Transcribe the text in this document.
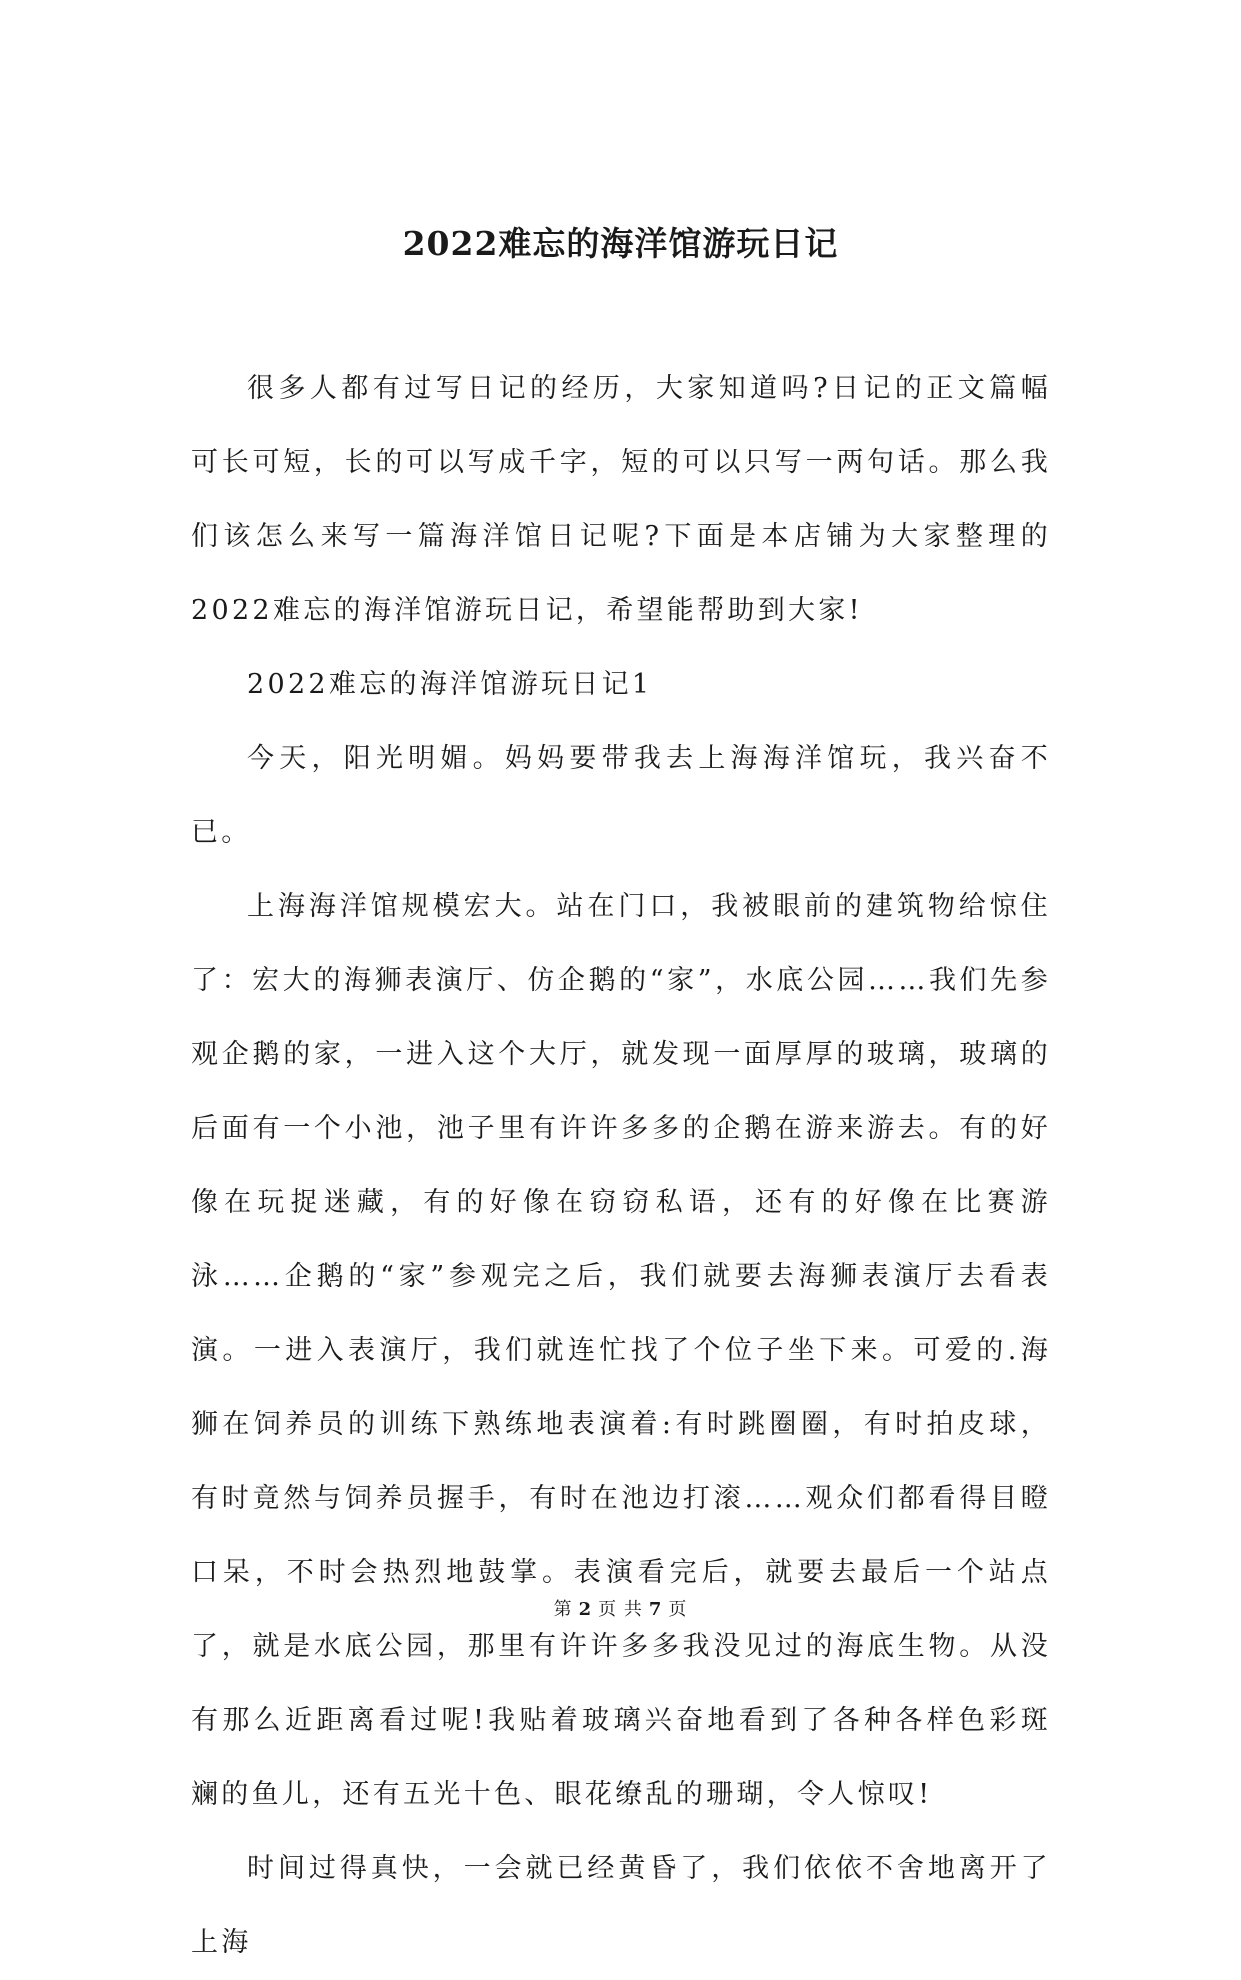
2022难忘的海洋馆游玩日记

很多人都有过写日记的经历，大家知道吗?日记的正文篇幅可长可短，长的可以写成千字，短的可以只写一两句话。那么我们该怎么来写一篇海洋馆日记呢?下面是本店铺为大家整理的2022难忘的海洋馆游玩日记，希望能帮助到大家!

2022难忘的海洋馆游玩日记1

今天，阳光明媚。妈妈要带我去上海海洋馆玩，我兴奋不已。

上海海洋馆规模宏大。站在门口，我被眼前的建筑物给惊住了：宏大的海狮表演厅、仿企鹅的“家”，水底公园……我们先参观企鹅的家，一进入这个大厅，就发现一面厚厚的玻璃，玻璃的后面有一个小池，池子里有许许多多的企鹅在游来游去。有的好像在玩捉迷藏，有的好像在窃窃私语，还有的好像在比赛游泳……企鹅的“家”参观完之后，我们就要去海狮表演厅去看表演。一进入表演厅，我们就连忙找了个位子坐下来。可爱的.海狮在饲养员的训练下熟练地表演着:有时跳圈圈，有时拍皮球，有时竟然与饲养员握手，有时在池边打滚……观众们都看得目瞪口呆，不时会热烈地鼓掌。表演看完后，就要去最后一个站点了，就是水底公园，那里有许许多多我没见过的海底生物。从没有那么近距离看过呢!我贴着玻璃兴奋地看到了各种各样色彩斑斓的鱼儿，还有五光十色、眼花缭乱的珊瑚，令人惊叹!

时间过得真快，一会就已经黄昏了，我们依依不舍地离开了上海

第 2 页 共 7 页
